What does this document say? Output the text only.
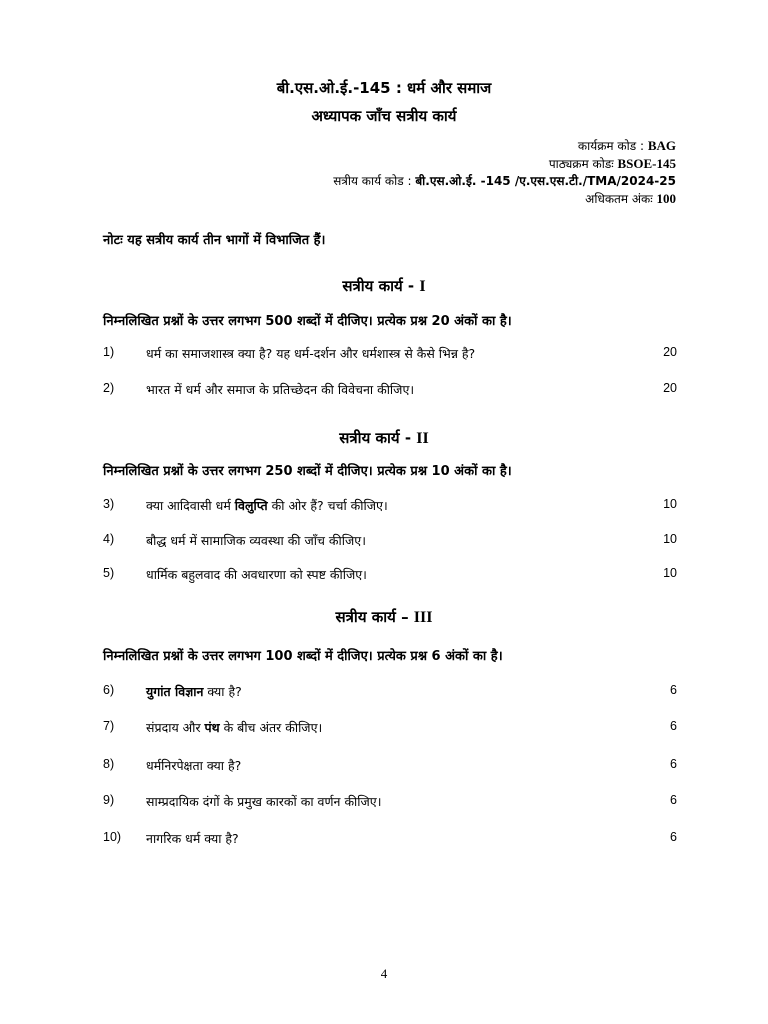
बी.एस.ओ.ई.-145 : धर्म और समाज
अध्यापक जाँच सत्रीय कार्य
कार्यक्रम कोड : BAG
पाठ्यक्रम कोडः BSOE-145
सत्रीय कार्य कोड : बी.एस.ओ.ई. -145 /ए.एस.एस.टी./TMA/2024-25
अधिकतम अंकः 100
नोटः यह सत्रीय कार्य तीन भागों में विभाजित हैं।
सत्रीय कार्य - I
निम्नलिखित प्रश्नों के उत्तर लगभग 500 शब्दों में दीजिए। प्रत्येक प्रश्न 20 अंकों का है।
1)	धर्म का समाजशास्त्र क्या है? यह धर्म-दर्शन और धर्मशास्त्र से कैसे भिन्न है?	20
2)	भारत में धर्म और समाज के प्रतिच्छेदन की विवेचना कीजिए।	20
सत्रीय कार्य - II
निम्नलिखित प्रश्नों के उत्तर लगभग 250 शब्दों में दीजिए। प्रत्येक प्रश्न 10 अंकों का है।
3)	क्या आदिवासी धर्म विलुप्ति की ओर हैं? चर्चा कीजिए।	10
4)	बौद्ध धर्म में सामाजिक व्यवस्था की जाँच कीजिए।	10
5)	धार्मिक बहुलवाद की अवधारणा को स्पष्ट कीजिए।	10
सत्रीय कार्य – III
निम्नलिखित प्रश्नों के उत्तर लगभग 100 शब्दों में दीजिए। प्रत्येक प्रश्न 6 अंकों का है।
6)	युगांत विज्ञान क्या है?	6
7)	संप्रदाय और पंथ के बीच अंतर कीजिए।	6
8)	धर्मनिरपेक्षता क्या है?	6
9)	साम्प्रदायिक दंगों के प्रमुख कारकों का वर्णन कीजिए।	6
10) नागरिक धर्म क्या है?	6
4
